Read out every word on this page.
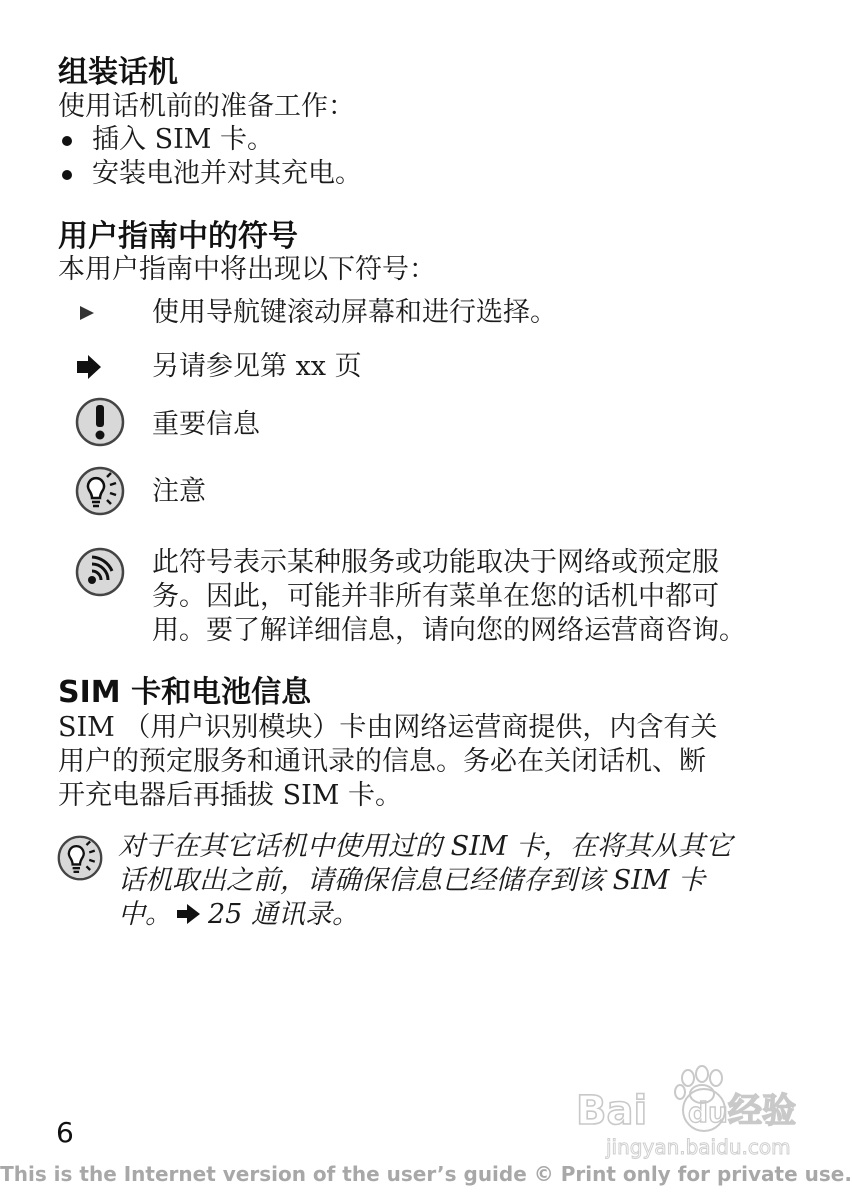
组装话机

使用话机前的准备工作：

插入 SIM 卡。
安装电池并对其充电。
用户指南中的符号

本用户指南中将出现以下符号：

使用导航键滚动屏幕和进行选择。

另请参见第 xx 页

重要信息

注意

此符号表示某种服务或功能取决于网络或预定服

务。因此，可能并非所有菜单在您的话机中都可

用。要了解详细信息，请向您的网络运营商咨询。

SIM 卡和电池信息

SIM （用户识别模块）卡由网络运营商提供，内含有关

用户的预定服务和通讯录的信息。务必在关闭话机、断

开充电器后再插拔 SIM 卡。

对于在其它话机中使用过的 SIM 卡，在将其从其它
话机取出之前，请确保信息已经储存到该 SIM 卡
中。 25 通讯录。

Bai du 经验
jingyan.baidu.com

6

This is the Internet version of the user’s guide © Print only for private use.
